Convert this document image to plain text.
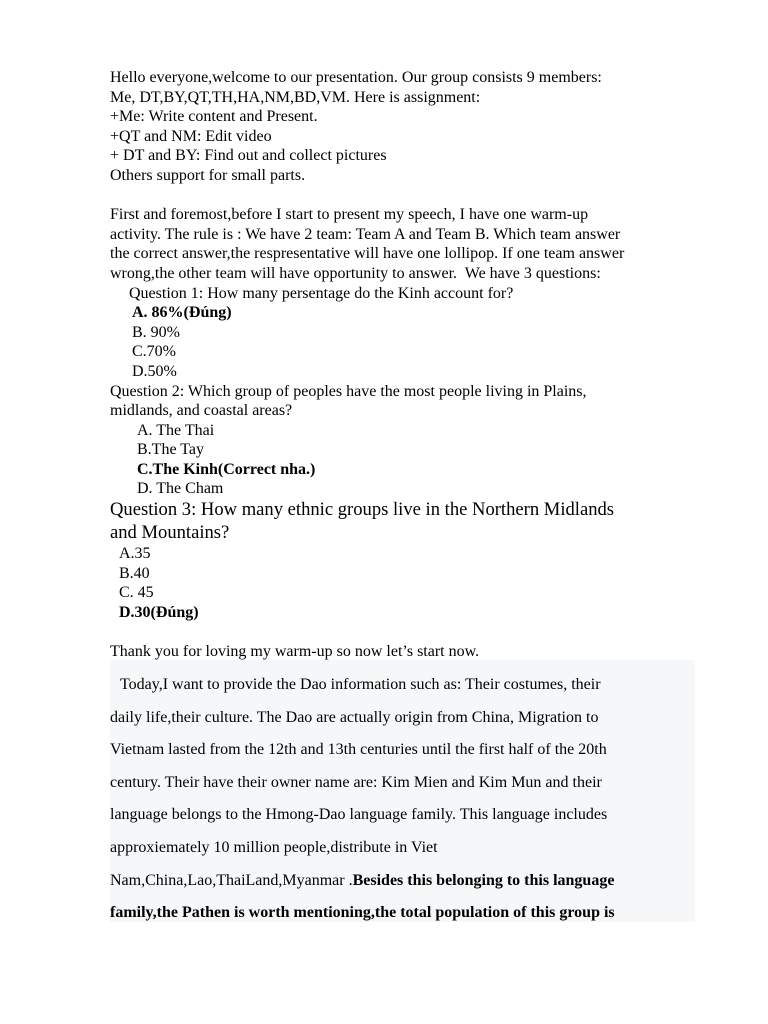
Hello everyone,welcome to our presentation. Our group consists 9 members:
Me, DT,BY,QT,TH,HA,NM,BD,VM. Here is assignment:
+Me: Write content and Present.
+QT and NM: Edit video
+ DT and BY: Find out and collect pictures
Others support for small parts.
First and foremost,before I start to present my speech, I have one warm-up
activity. The rule is : We have 2 team: Team A and Team B. Which team answer
the correct answer,the respresentative will have one lollipop. If one team answer
wrong,the other team will have opportunity to answer.  We have 3 questions:
Question 1: How many persentage do the Kinh account for?
A. 86%(Đúng)
B. 90%
C.70%
D.50%
Question 2: Which group of peoples have the most people living in Plains,
midlands, and coastal areas?
A. The Thai
B.The Tay
C.The Kinh(Correct nha.)
D. The Cham
Question 3: How many ethnic groups live in the Northern Midlands
and Mountains?
A.35
B.40
C. 45
D.30(Đúng)
Thank you for loving my warm-up so now let’s start now.
Today,I want to provide the Dao information such as: Their costumes, their
daily life,their culture. The Dao are actually origin from China, Migration to
Vietnam lasted from the 12th and 13th centuries until the first half of the 20th
century. Their have their owner name are: Kim Mien and Kim Mun and their
language belongs to the Hmong-Dao language family. This language includes
approxiemately 10 million people,distribute in Viet
Nam,China,Lao,ThaiLand,Myanmar .Besides this belonging to this language
family,the Pathen is worth mentioning,the total population of this group is
